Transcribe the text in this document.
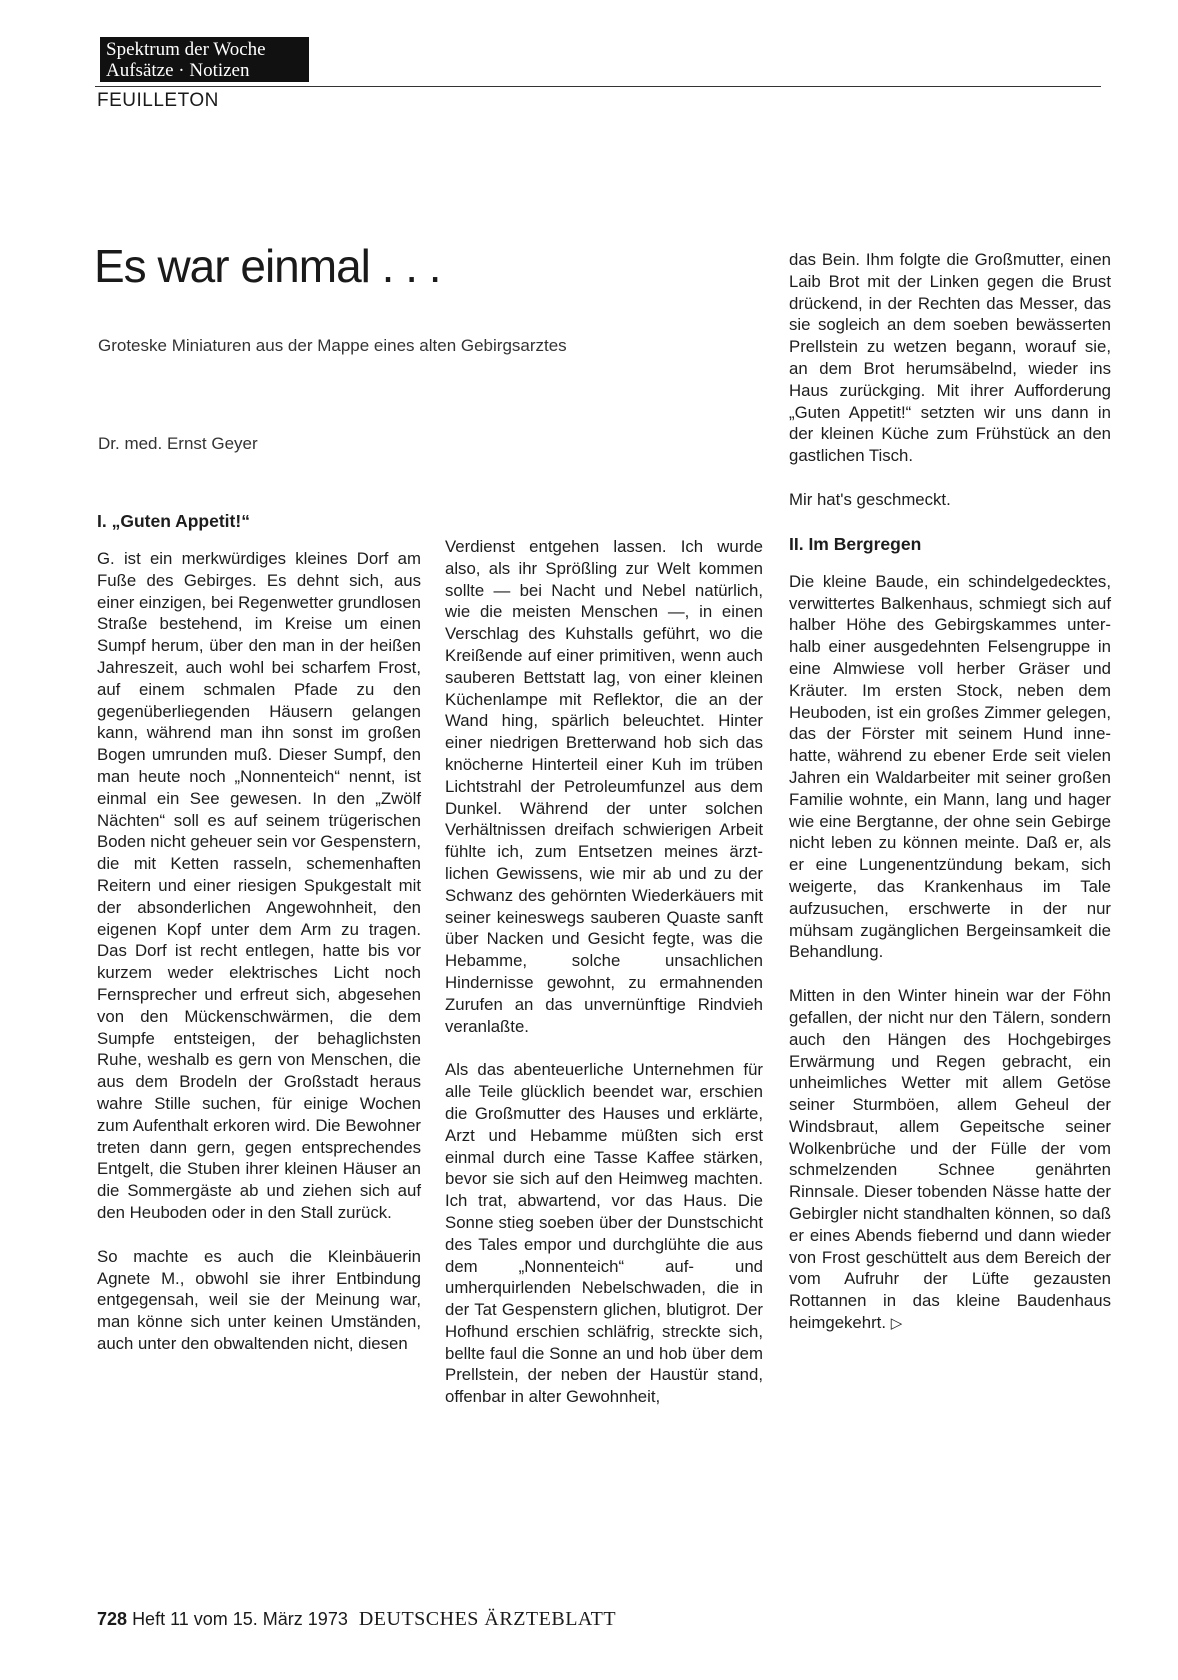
Spektrum der Woche
Aufsätze · Notizen
FEUILLETON
Es war einmal . . .
Groteske Miniaturen aus der Mappe eines alten Gebirgsarztes
Dr. med. Ernst Geyer
I. „Guten Appetit!“

G. ist ein merkwürdiges kleines Dorf am Fuße des Gebirges. Es dehnt sich, aus einer einzigen, bei Regenwetter grundlosen Straße bestehend, im Kreise um einen Sumpf herum, über den man in der heißen Jahreszeit, auch wohl bei scharfem Frost, auf einem schmalen Pfade zu den gegenüberliegenden Häusern gelangen kann, während man ihn sonst im großen Bogen umrunden muß. Dieser Sumpf, den man heute noch „Nonnenteich“ nennt, ist einmal ein See gewesen. In den „Zwölf Nächten“ soll es auf seinem trügerischen Boden nicht geheuer sein vor Gespenstern, die mit Ketten rasseln, schemenhaften Reitern und einer riesigen Spukgestalt mit der absonderlichen Angewohnheit, den eigenen Kopf unter dem Arm zu tragen. Das Dorf ist recht entlegen, hatte bis vor kurzem weder elektrisches Licht noch Fernsprecher und erfreut sich, abgesehen von den Mückenschwärmen, die dem Sumpfe entsteigen, der behaglichsten Ruhe, weshalb es gern von Menschen, die aus dem Brodeln der Großstadt heraus wahre Stille suchen, für einige Wochen zum Aufenthalt erkoren wird. Die Bewohner treten dann gern, gegen entsprechendes Entgelt, die Stuben ihrer kleinen Häuser an die Sommergäste ab und ziehen sich auf den Heuboden oder in den Stall zurück.

So machte es auch die Kleinbäuerin Agnete M., obwohl sie ihrer Entbindung entgegensah, weil sie der Meinung war, man könne sich unter keinen Umständen, auch unter den obwaltenden nicht, diesen

Verdienst entgehen lassen. Ich wurde also, als ihr Sprößling zur Welt kommen sollte — bei Nacht und Nebel natürlich, wie die meisten Menschen —, in einen Verschlag des Kuhstalls geführt, wo die Kreißende auf einer primitiven, wenn auch sauberen Bettstatt lag, von einer kleinen Küchenlampe mit Reflektor, die an der Wand hing, spärlich beleuchtet. Hinter einer niedrigen Bretterwand hob sich das knöcherne Hinterteil einer Kuh im trüben Lichtstrahl der Petroleumfunzel aus dem Dunkel. Während der unter solchen Verhältnissen dreifach schwierigen Arbeit fühlte ich, zum Entsetzen meines ärztlichen Gewissens, wie mir ab und zu der Schwanz des gehörnten Wiederkäuers mit seiner keineswegs sauberen Quaste sanft über Nacken und Gesicht fegte, was die Hebamme, solche unsachlichen Hindernisse gewohnt, zu ermahnenden Zurufen an das unvernünftige Rindvieh veranlaßte.

Als das abenteuerliche Unternehmen für alle Teile glücklich beendet war, erschien die Großmutter des Hauses und erklärte, Arzt und Hebamme müßten sich erst einmal durch eine Tasse Kaffee stärken, bevor sie sich auf den Heimweg machten. Ich trat, abwartend, vor das Haus. Die Sonne stieg soeben über der Dunstschicht des Tales empor und durchglühte die aus dem „Nonnenteich“ auf- und umherquirlenden Nebelschwaden, die in der Tat Gespenstern glichen, blutigrot. Der Hofhund erschien schläfrig, streckte sich, bellte faul die Sonne an und hob über dem Prellstein, der neben der Haustür stand, offenbar in alter Gewohnheit,

das Bein. Ihm folgte die Großmutter, einen Laib Brot mit der Linken gegen die Brust drückend, in der Rechten das Messer, das sie sogleich an dem soeben bewässerten Prellstein zu wetzen begann, worauf sie, an dem Brot herumsäbelnd, wieder ins Haus zurückging. Mit ihrer Aufforderung „Guten Appetit!“ setzten wir uns dann in der kleinen Küche zum Frühstück an den gastlichen Tisch.

Mir hat's geschmeckt.

II. Im Bergregen

Die kleine Baude, ein schindelgedecktes, verwittertes Balkenhaus, schmiegt sich auf halber Höhe des Gebirgskammes unterhalb einer ausgedehnten Felsengruppe in eine Almwiese voll herber Gräser und Kräuter. Im ersten Stock, neben dem Heuboden, ist ein großes Zimmer gelegen, das der Förster mit seinem Hund innehatte, während zu ebener Erde seit vielen Jahren ein Waldarbeiter mit seiner großen Familie wohnte, ein Mann, lang und hager wie eine Bergtanne, der ohne sein Gebirge nicht leben zu können meinte. Daß er, als er eine Lungenentzündung bekam, sich weigerte, das Krankenhaus im Tale aufzusuchen, erschwerte in der nur mühsam zugänglichen Bergeinsamkeit die Behandlung.

Mitten in den Winter hinein war der Föhn gefallen, der nicht nur den Tälern, sondern auch den Hängen des Hochgebirges Erwärmung und Regen gebracht, ein unheimliches Wetter mit allem Getöse seiner Sturmböen, allem Geheul der Windsbraut, allem Gepeitsche seiner Wolkenbrüche und der Fülle der vom schmelzenden Schnee genährten Rinnsale. Dieser tobenden Nässe hatte der Gebirgler nicht standhalten können, so daß er eines Abends fiebernd und dann wieder von Frost geschüttelt aus dem Bereich der vom Aufruhr der Lüfte gezausten Rottannen in das kleine Baudenhaus heimgekehrt. ▷

728 Heft 11 vom 15. März 1973 DEUTSCHES ÄRZTEBLATT
